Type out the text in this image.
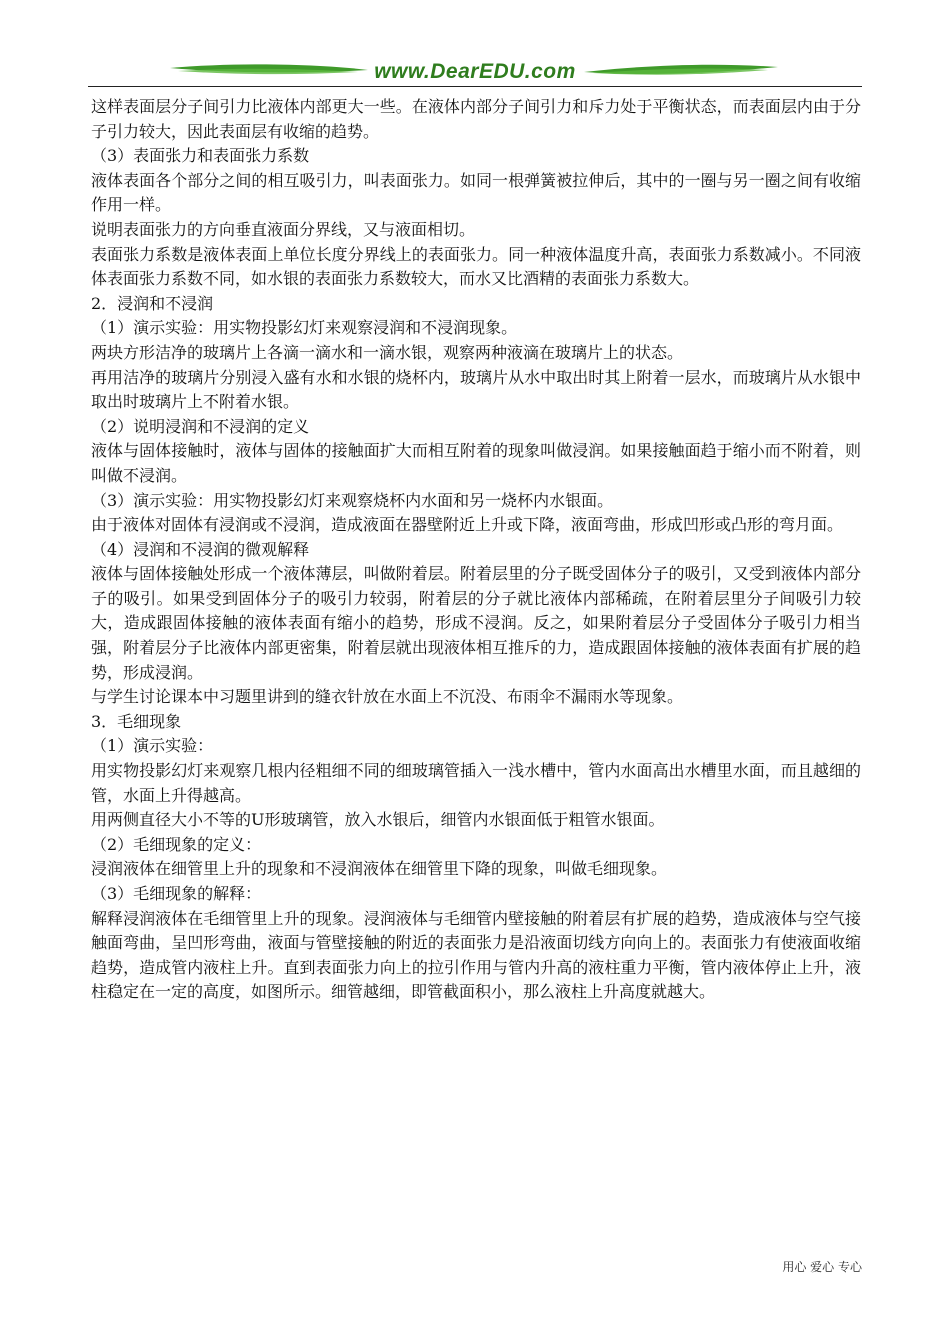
www.DearEDU.com

这样表面层分子间引力比液体内部更大一些。在液体内部分子间引力和斥力处于平衡状态，而表面层内由于分子引力较大，因此表面层有收缩的趋势。

（3）表面张力和表面张力系数

液体表面各个部分之间的相互吸引力，叫表面张力。如同一根弹簧被拉伸后，其中的一圈与另一圈之间有收缩作用一样。

说明表面张力的方向垂直液面分界线，又与液面相切。

表面张力系数是液体表面上单位长度分界线上的表面张力。同一种液体温度升高，表面张力系数减小。不同液体表面张力系数不同，如水银的表面张力系数较大，而水又比酒精的表面张力系数大。

2．浸润和不浸润

（1）演示实验：用实物投影幻灯来观察浸润和不浸润现象。

两块方形洁净的玻璃片上各滴一滴水和一滴水银，观察两种液滴在玻璃片上的状态。

再用洁净的玻璃片分别浸入盛有水和水银的烧杯内，玻璃片从水中取出时其上附着一层水，而玻璃片从水银中取出时玻璃片上不附着水银。

（2）说明浸润和不浸润的定义

液体与固体接触时，液体与固体的接触面扩大而相互附着的现象叫做浸润。如果接触面趋于缩小而不附着，则叫做不浸润。

（3）演示实验：用实物投影幻灯来观察烧杯内水面和另一烧杯内水银面。

由于液体对固体有浸润或不浸润，造成液面在器壁附近上升或下降，液面弯曲，形成凹形或凸形的弯月面。

（4）浸润和不浸润的微观解释

液体与固体接触处形成一个液体薄层，叫做附着层。附着层里的分子既受固体分子的吸引，又受到液体内部分子的吸引。如果受到固体分子的吸引力较弱，附着层的分子就比液体内部稀疏，在附着层里分子间吸引力较大，造成跟固体接触的液体表面有缩小的趋势，形成不浸润。反之，如果附着层分子受固体分子吸引力相当强，附着层分子比液体内部更密集，附着层就出现液体相互推斥的力，造成跟固体接触的液体表面有扩展的趋势，形成浸润。

与学生讨论课本中习题里讲到的缝衣针放在水面上不沉没、布雨伞不漏雨水等现象。

3．毛细现象

（1）演示实验：

用实物投影幻灯来观察几根内径粗细不同的细玻璃管插入一浅水槽中，管内水面高出水槽里水面，而且越细的管，水面上升得越高。

用两侧直径大小不等的U形玻璃管，放入水银后，细管内水银面低于粗管水银面。

（2）毛细现象的定义：

浸润液体在细管里上升的现象和不浸润液体在细管里下降的现象，叫做毛细现象。

（3）毛细现象的解释：

解释浸润液体在毛细管里上升的现象。浸润液体与毛细管内壁接触的附着层有扩展的趋势，造成液体与空气接触面弯曲，呈凹形弯曲，液面与管壁接触的附近的表面张力是沿液面切线方向向上的。表面张力有使液面收缩趋势，造成管内液柱上升。直到表面张力向上的拉引作用与管内升高的液柱重力平衡，管内液体停止上升，液柱稳定在一定的高度，如图所示。细管越细，即管截面积小，那么液柱上升高度就越大。

用心 爱心 专心
